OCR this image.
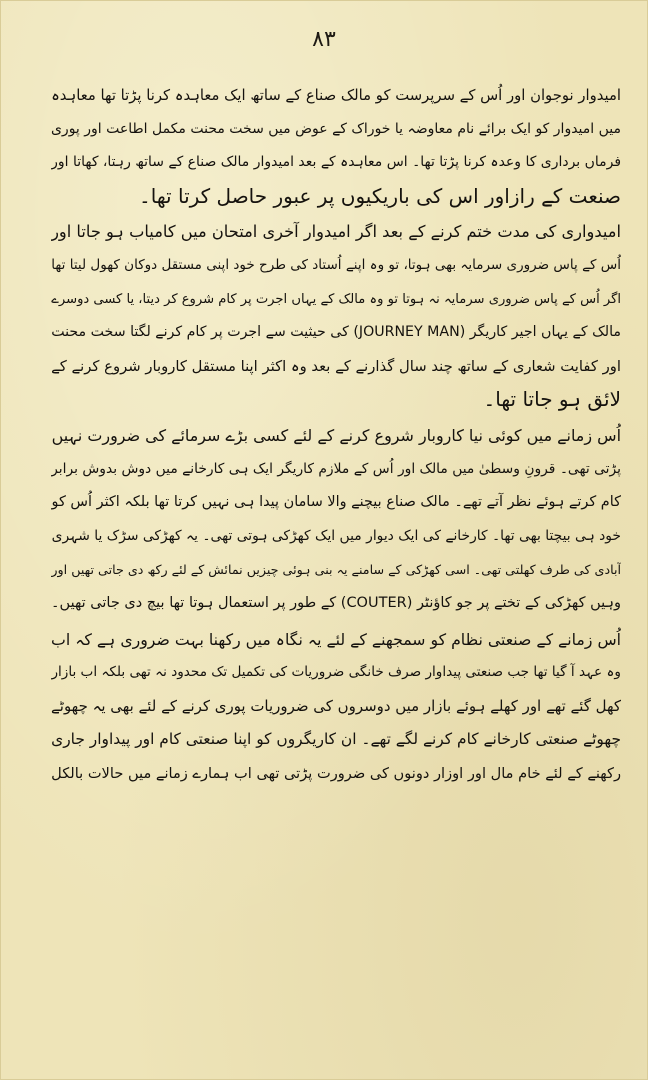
۸۳
امیدوار نوجوان اور اُس کے سرپرست کو مالک صناع کے ساتھ ایک معاہدہ کرنا پڑتا تھا معاہدہ
میں امیدوار کو ایک برائے نام معاوضہ یا خوراک کے عوض میں سخت محنت مکمل اطاعت اور پوری
فرماں برداری کا وعدہ کرنا پڑتا تھا۔ اس معاہدہ کے بعد امیدوار مالک صناع کے ساتھ رہتا، کھاتا اور
صنعت کے رازاور اس کی باریکیوں پر عبور حاصل کرتا تھا۔
امیدواری کی مدت ختم کرنے کے بعد اگر امیدوار آخری امتحان میں کامیاب ہو جاتا اور
اُس کے پاس ضروری سرمایہ بھی ہوتا، تو وہ اپنے اُستاد کی طرح خود اپنی مستقل دوکان کھول لیتا تھا
اگر اُس کے پاس ضروری سرمایہ نہ ہوتا تو وہ مالک کے یہاں اجرت پر کام شروع کر دیتا، یا کسی دوسرے
مالک کے یہاں اجیر کاریگر (JOURNEY MAN) کی حیثیت سے اجرت پر کام کرنے لگتا سخت محنت
اور کفایت شعاری کے ساتھ چند سال گذارنے کے بعد وہ اکثر اپنا مستقل کاروبار شروع کرنے کے
لائق ہو جاتا تھا۔
اُس زمانے میں کوئی نیا کاروبار شروع کرنے کے لئے کسی بڑے سرمائے کی ضرورت نہیں
پڑتی تھی۔ قرونِ وسطیٰ میں مالک اور اُس کے ملازم کاریگر ایک ہی کارخانے میں دوش بدوش برابر
کام کرتے ہوئے نظر آتے تھے۔ مالک صناع بیچنے والا سامان پیدا ہی نہیں کرتا تھا بلکہ اکثر اُس کو
خود ہی بیچتا بھی تھا۔ کارخانے کی ایک دیوار میں ایک کھڑکی ہوتی تھی۔ یہ کھڑکی سڑک یا شہری
آبادی کی طرف کھلتی تھی۔ اسی کھڑکی کے سامنے یہ بنی ہوئی چیزیں نمائش کے لئے رکھ دی جاتی تھیں اور
وہیں کھڑکی کے تختے پر جو کاؤنٹر (COUTER) کے طور پر استعمال ہوتا تھا بیچ دی جاتی تھیں۔
اُس زمانے کے صنعتی نظام کو سمجھنے کے لئے یہ نگاہ میں رکھنا بہت ضروری ہے کہ اب
وہ عہد آ گیا تھا جب صنعتی پیداوار صرف خانگی ضروریات کی تکمیل تک محدود نہ تھی بلکہ اب بازار
کھل گئے تھے اور کھلے ہوئے بازار میں دوسروں کی ضروریات پوری کرنے کے لئے بھی یہ چھوٹے
چھوٹے صنعتی کارخانے کام کرنے لگے تھے۔ ان کاریگروں کو اپنا صنعتی کام اور پیداوار جاری
رکھنے کے لئے خام مال اور اوزار دونوں کی ضرورت پڑتی تھی اب ہمارے زمانے میں حالات بالکل
